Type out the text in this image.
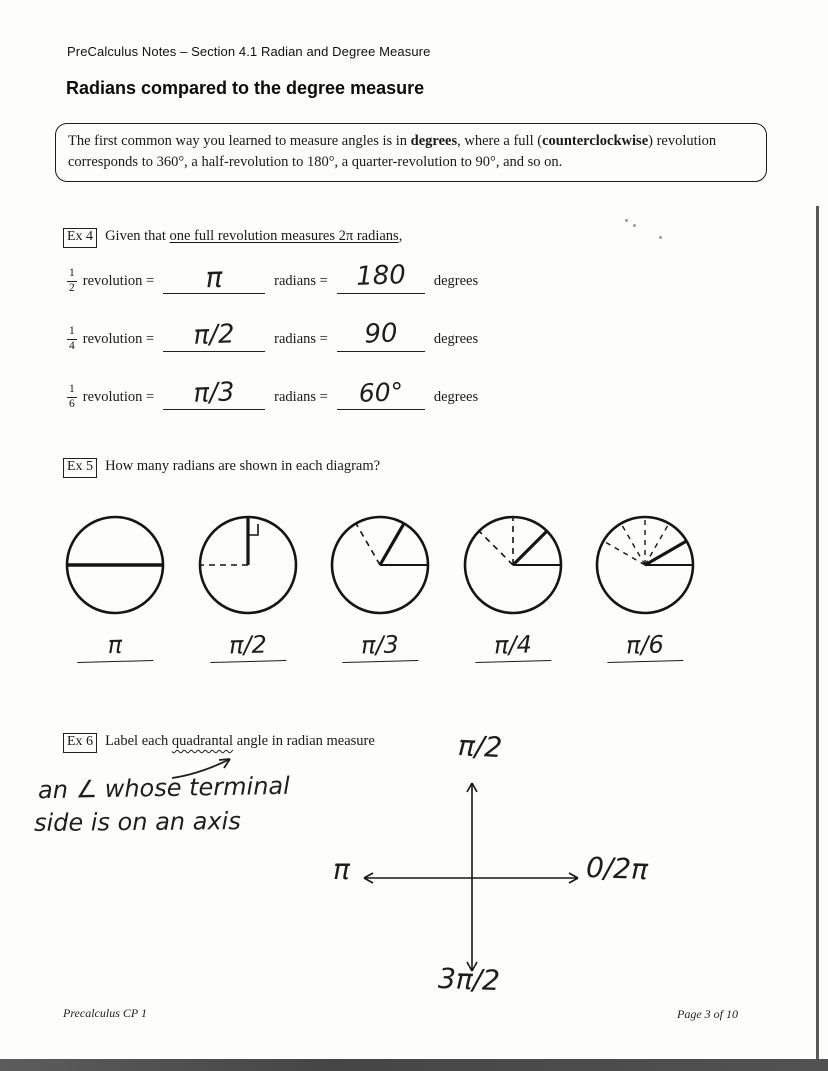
PreCalculus Notes – Section 4.1 Radian and Degree Measure
Radians compared to the degree measure
The first common way you learned to measure angles is in degrees, where a full (counterclockwise) revolution corresponds to 360°, a half-revolution to 180°, a quarter-revolution to 90°, and so on.
Ex 4 Given that one full revolution measures 2π radians,
$\frac{1}{2}$ revolution = π	radians = 180 degrees
$\frac{1}{4}$ revolution = π/2	radians = 90 degrees
$\frac{1}{6}$ revolution = π/3	radians = 60° degrees
Ex 5 How many radians are shown in each diagram?
π	π/2	π/3	π/4	π/6
Ex 6 Label each quadrantal angle in radian measure
an ∠ whose terminal
side is on an axis
π/2
π	0/2π
3π/2
Precalculus CP 1	Page 3 of 10
